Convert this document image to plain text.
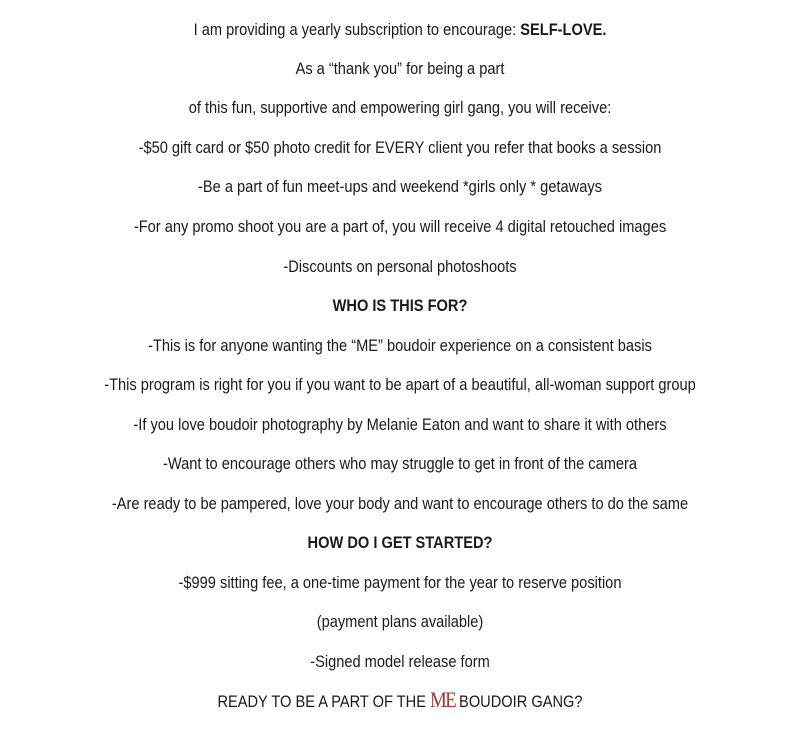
I am providing a yearly subscription to encourage: SELF-LOVE.
As a “thank you” for being a part
of this fun, supportive and empowering girl gang, you will receive:
-$50 gift card or $50 photo credit for EVERY client you refer that books a session
-Be a part of fun meet-ups and weekend *girls only * getaways
-For any promo shoot you are a part of, you will receive 4 digital retouched images
-Discounts on personal photoshoots
WHO IS THIS FOR?
-This is for anyone wanting the “ME” boudoir experience on a consistent basis
-This program is right for you if you want to be apart of a beautiful, all-woman support group
-If you love boudoir photography by Melanie Eaton and want to share it with others
-Want to encourage others who may struggle to get in front of the camera
-Are ready to be pampered, love your body and want to encourage others to do the same
HOW DO I GET STARTED?
-$999 sitting fee, a one-time payment for the year to reserve position
(payment plans available)
-Signed model release form
READY TO BE A PART OF THE ME BOUDOIR GANG?
